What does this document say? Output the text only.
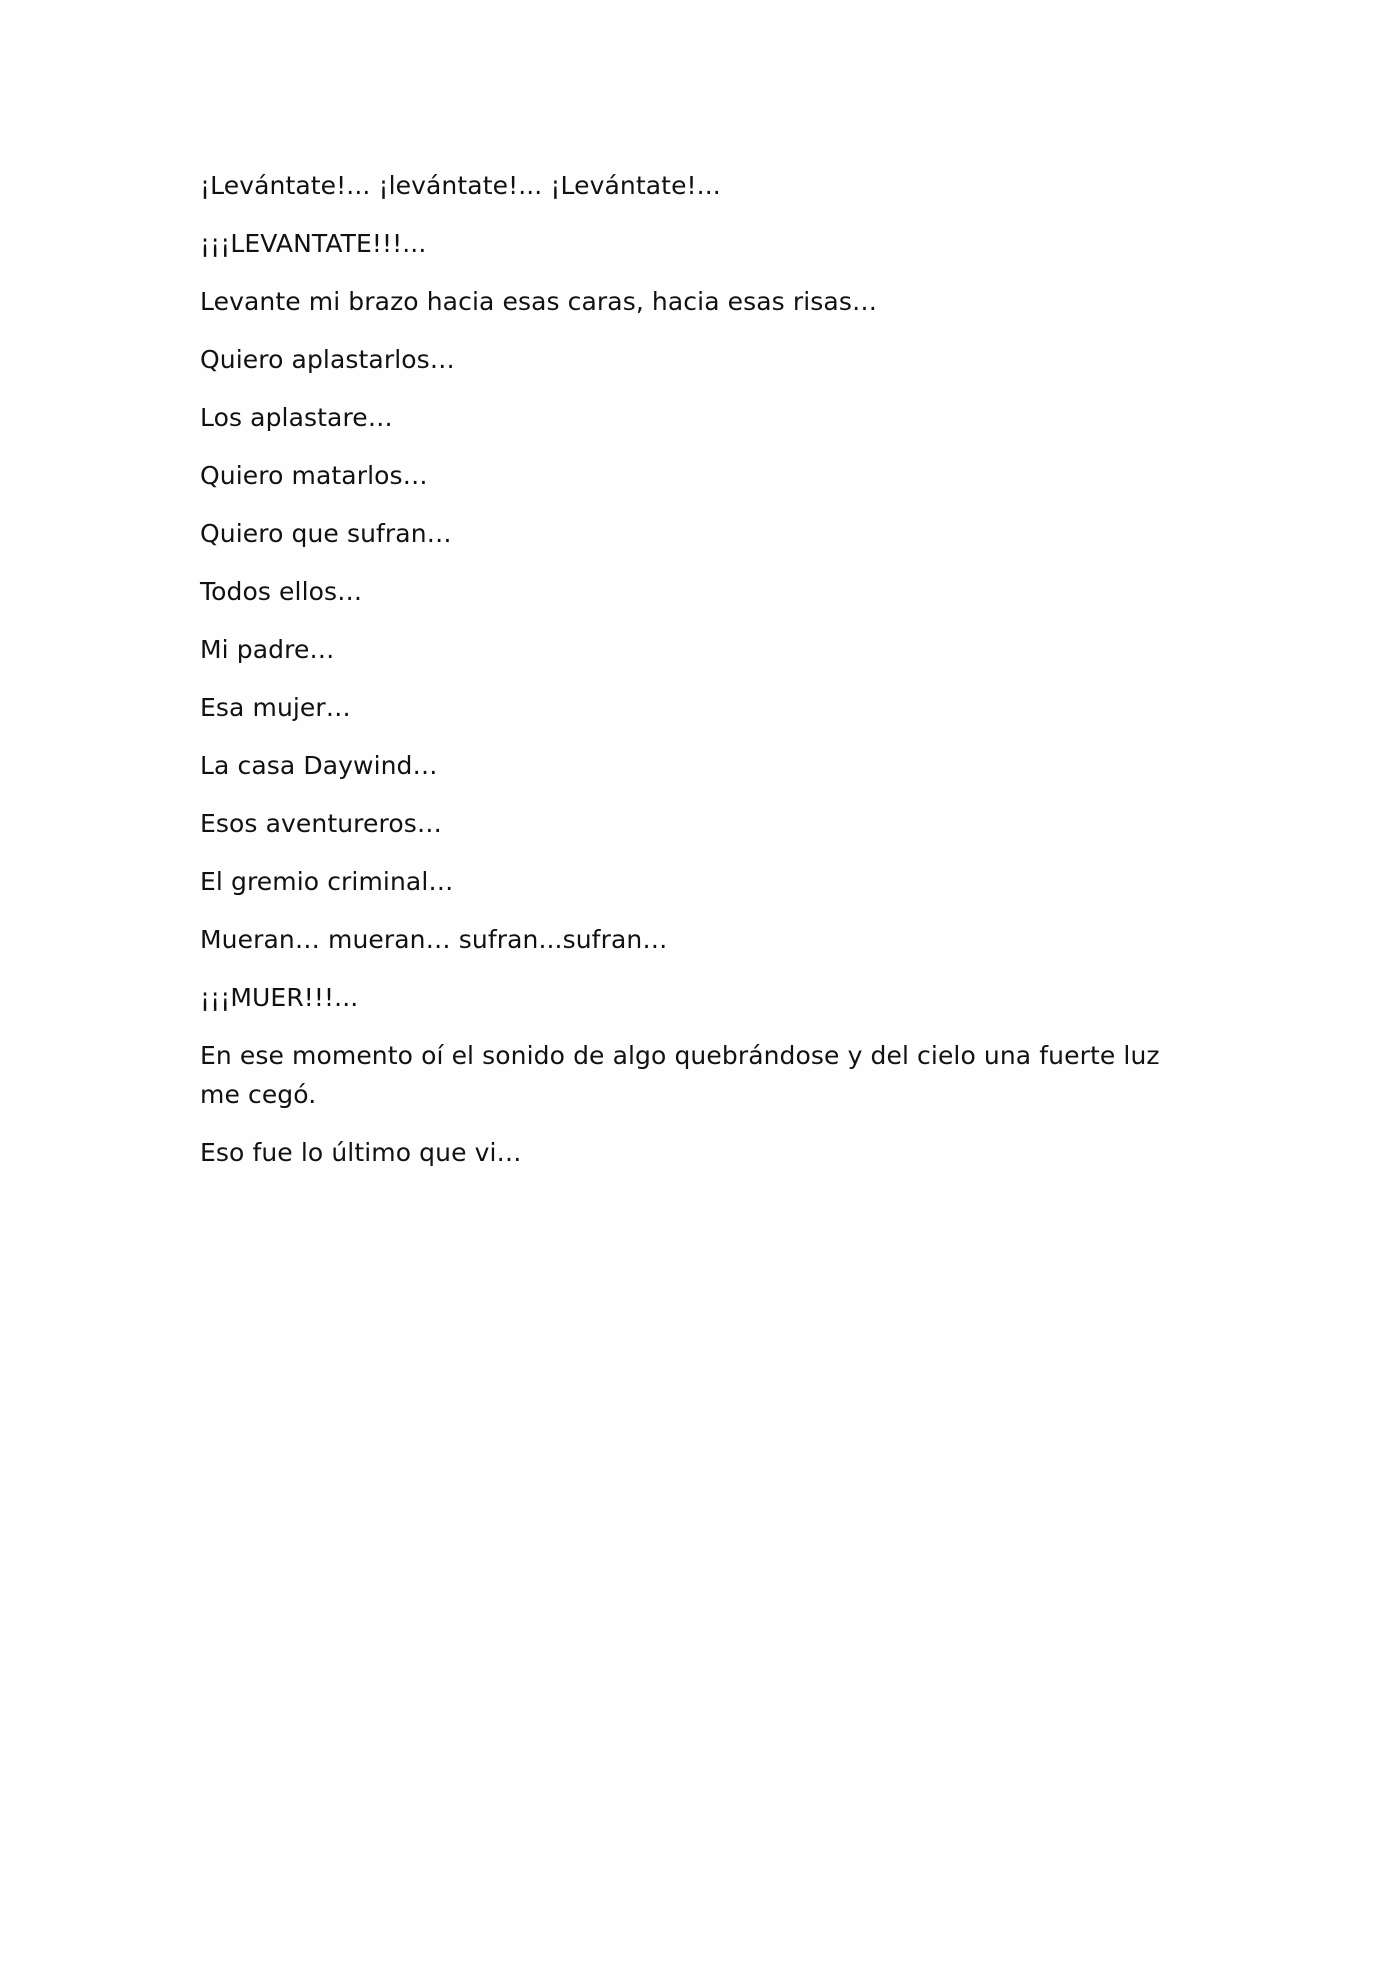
¡Levántate!... ¡levántate!... ¡Levántate!...

¡¡¡LEVANTATE!!!...

Levante mi brazo hacia esas caras, hacia esas risas…

Quiero aplastarlos…

Los aplastare…

Quiero matarlos…

Quiero que sufran…

Todos ellos…

Mi padre…

Esa mujer…

La casa Daywind…

Esos aventureros…

El gremio criminal…

Mueran… mueran… sufran...sufran…

¡¡¡MUER!!!...

En ese momento oí el sonido de algo quebrándose y del cielo una fuerte luz me cegó.

Eso fue lo último que vi…
